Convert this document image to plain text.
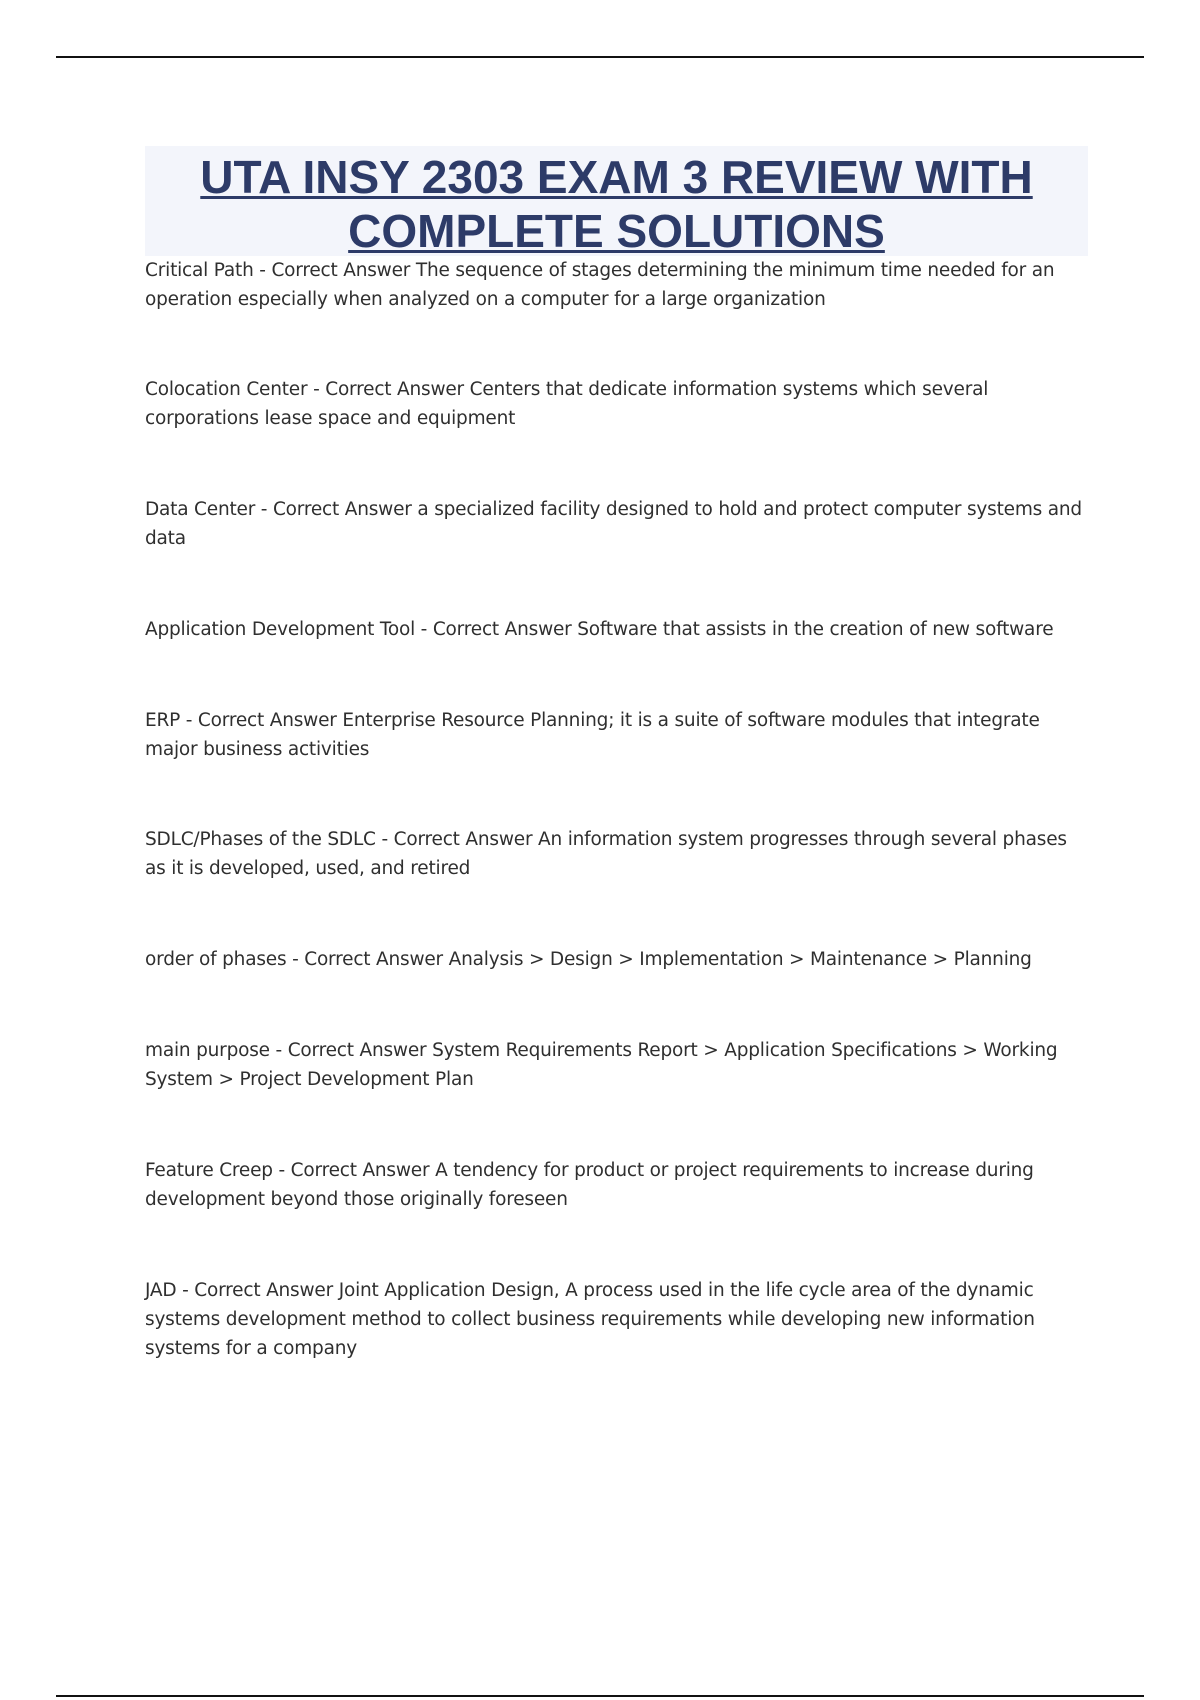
UTA INSY 2303 EXAM 3 REVIEW WITH COMPLETE SOLUTIONS

Critical Path - Correct Answer The sequence of stages determining the minimum time needed for an operation especially when analyzed on a computer for a large organization

Colocation Center - Correct Answer Centers that dedicate information systems which several corporations lease space and equipment

Data Center - Correct Answer a specialized facility designed to hold and protect computer systems and data

Application Development Tool - Correct Answer Software that assists in the creation of new software

ERP - Correct Answer Enterprise Resource Planning; it is a suite of software modules that integrate major business activities

SDLC/Phases of the SDLC - Correct Answer An information system progresses through several phases as it is developed, used, and retired

order of phases - Correct Answer Analysis > Design > Implementation > Maintenance > Planning

main purpose - Correct Answer System Requirements Report > Application Specifications > Working System > Project Development Plan

Feature Creep - Correct Answer A tendency for product or project requirements to increase during development beyond those originally foreseen

JAD - Correct Answer Joint Application Design, A process used in the life cycle area of the dynamic systems development method to collect business requirements while developing new information systems for a company
